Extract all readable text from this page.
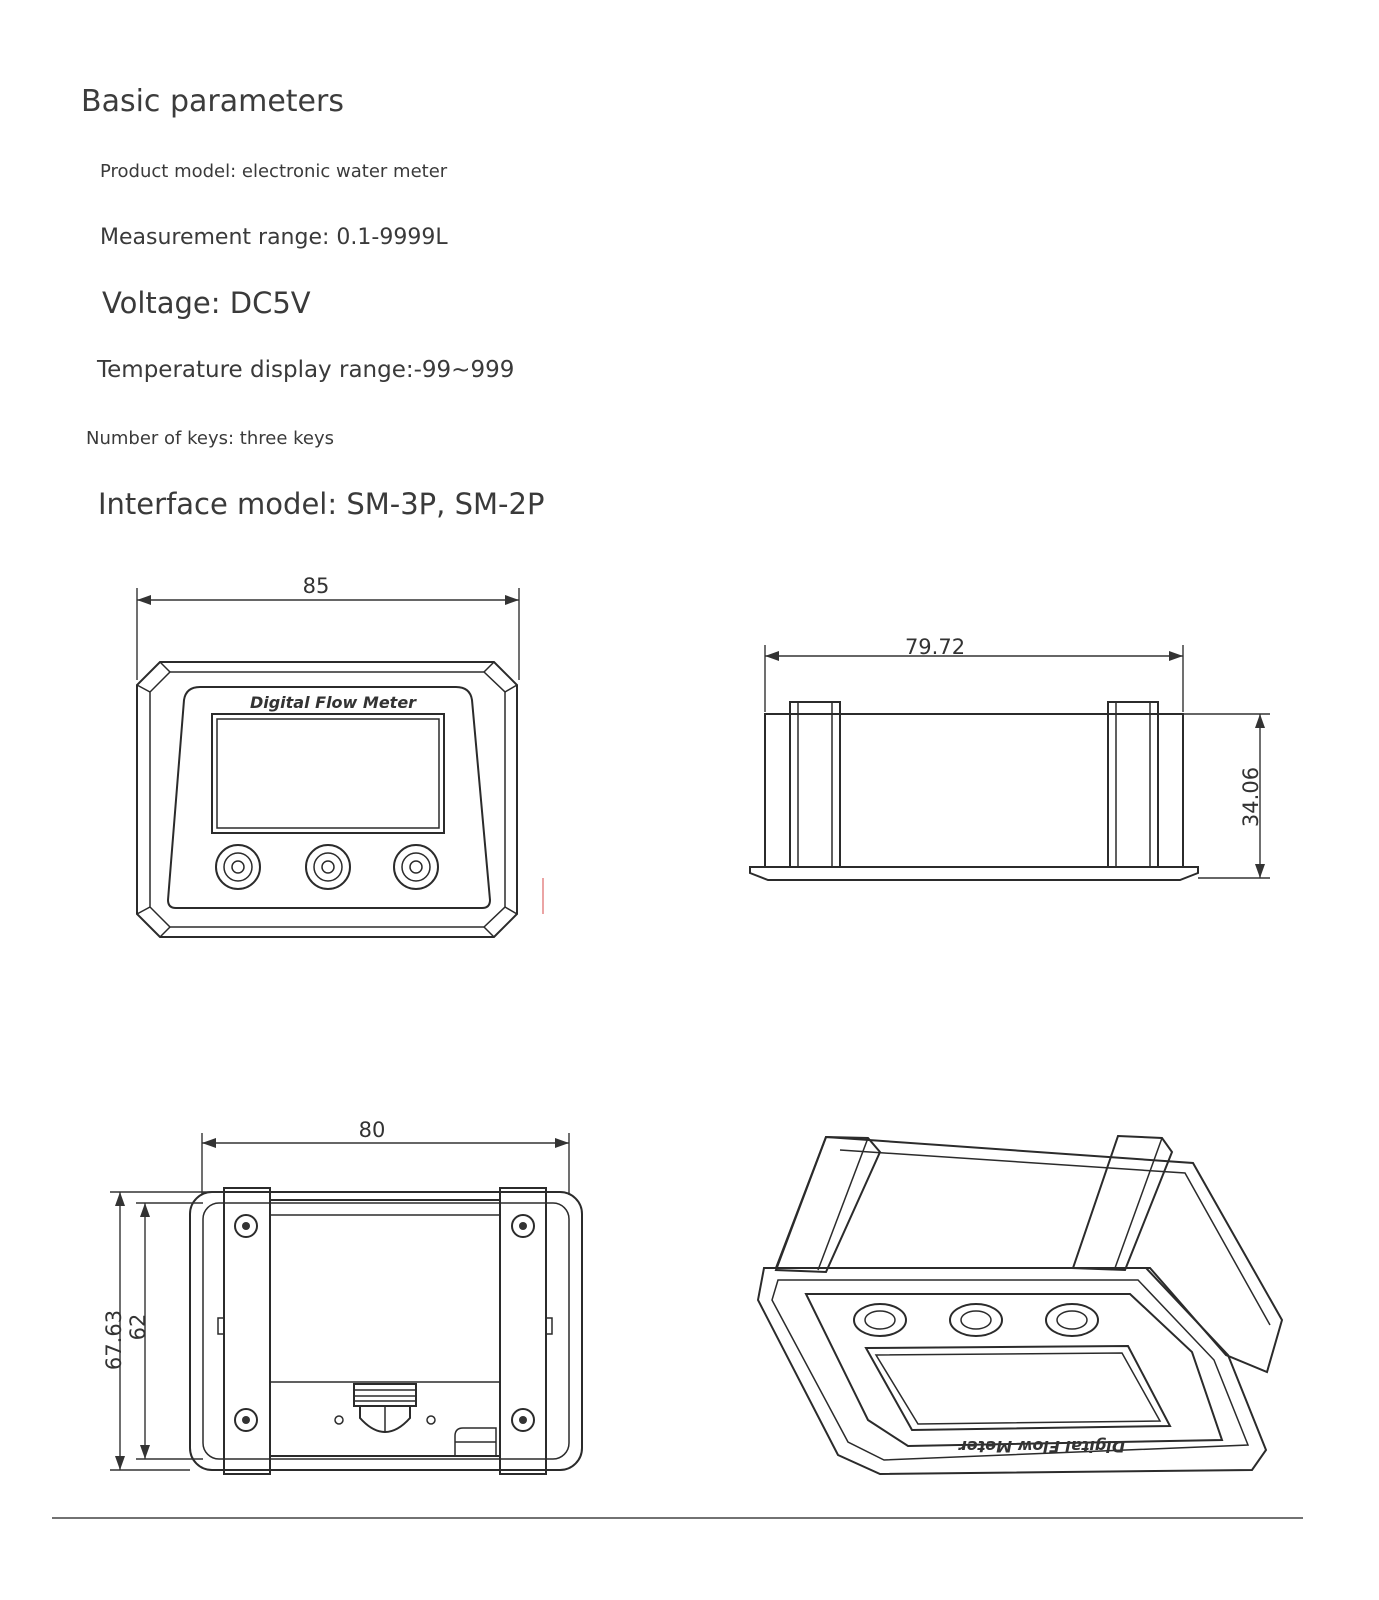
Basic parameters
Product model: electronic water meter
Measurement range: 0.1-9999L
Voltage: DC5V
Temperature display range:-99~999
Number of keys: three keys
Interface model: SM-3P, SM-2P
85
Digital Flow Meter
79.72
34.06
80
67.63 62
Digital Flow Meter
